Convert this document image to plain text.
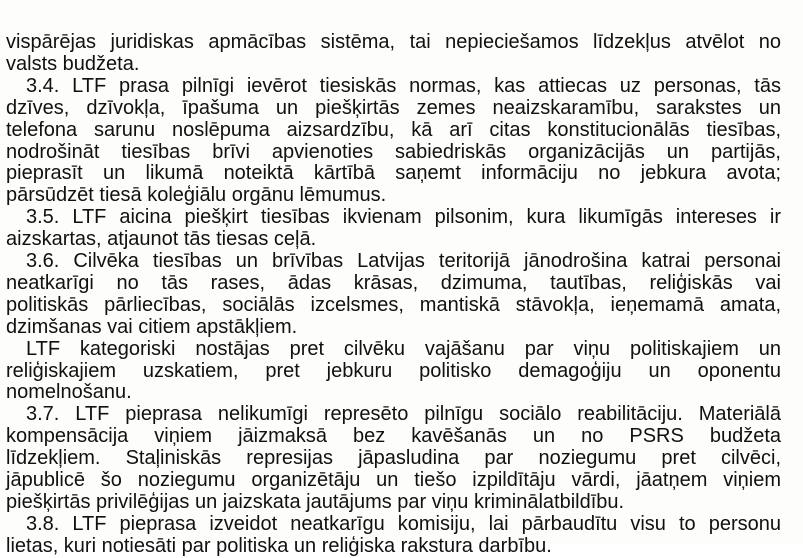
vispārējas juridiskas apmācības sistēma, tai nepieciešamos līdzekļus atvēlot no
valsts budžeta.
3.4. LTF prasa pilnīgi ievērot tiesiskās normas, kas attiecas uz personas, tās
dzīves, dzīvokļa, īpašuma un piešķirtās zemes neaizskaramību, sarakstes un
telefona sarunu noslēpuma aizsardzību, kā arī citas konstitucionālās tiesības,
nodrošināt tiesības brīvi apvienoties sabiedriskās organizācijās un partijās,
pieprasīt un likumā noteiktā kārtībā saņemt informāciju no jebkura avota;
pārsūdzēt tiesā koleģiālu orgānu lēmumus.
3.5. LTF aicina piešķirt tiesības ikvienam pilsonim, kura likumīgās intereses ir
aizskartas, atjaunot tās tiesas ceļā.
3.6. Cilvēka tiesības un brīvības Latvijas teritorijā jānodrošina katrai personai
neatkarīgi no tās rases, ādas krāsas, dzimuma, tautības, reliģiskās vai
politiskās pārliecības, sociālās izcelsmes, mantiskā stāvokļa, ieņemamā amata,
dzimšanas vai citiem apstākļiem.
LTF kategoriski nostājas pret cilvēku vajāšanu par viņu politiskajiem un
reliģiskajiem uzskatiem, pret jebkuru politisko demagoģiju un oponentu
nomelnošanu.
3.7. LTF pieprasa nelikumīgi represēto pilnīgu sociālo reabilitāciju. Materiālā
kompensācija viņiem jāizmaksā bez kavēšanās un no PSRS budžeta
līdzekļiem. Staļiniskās represijas jāpasludina par noziegumu pret cilvēci,
jāpublicē šo noziegumu organizētāju un tiešo izpildītāju vārdi, jāatņem viņiem
piešķirtās privilēģijas un jaizskata jautājums par viņu kriminālatbildību.
3.8. LTF pieprasa izveidot neatkarīgu komisiju, lai pārbaudītu visu to personu
lietas, kuri notiesāti par politiska un reliģiska rakstura darbību.
